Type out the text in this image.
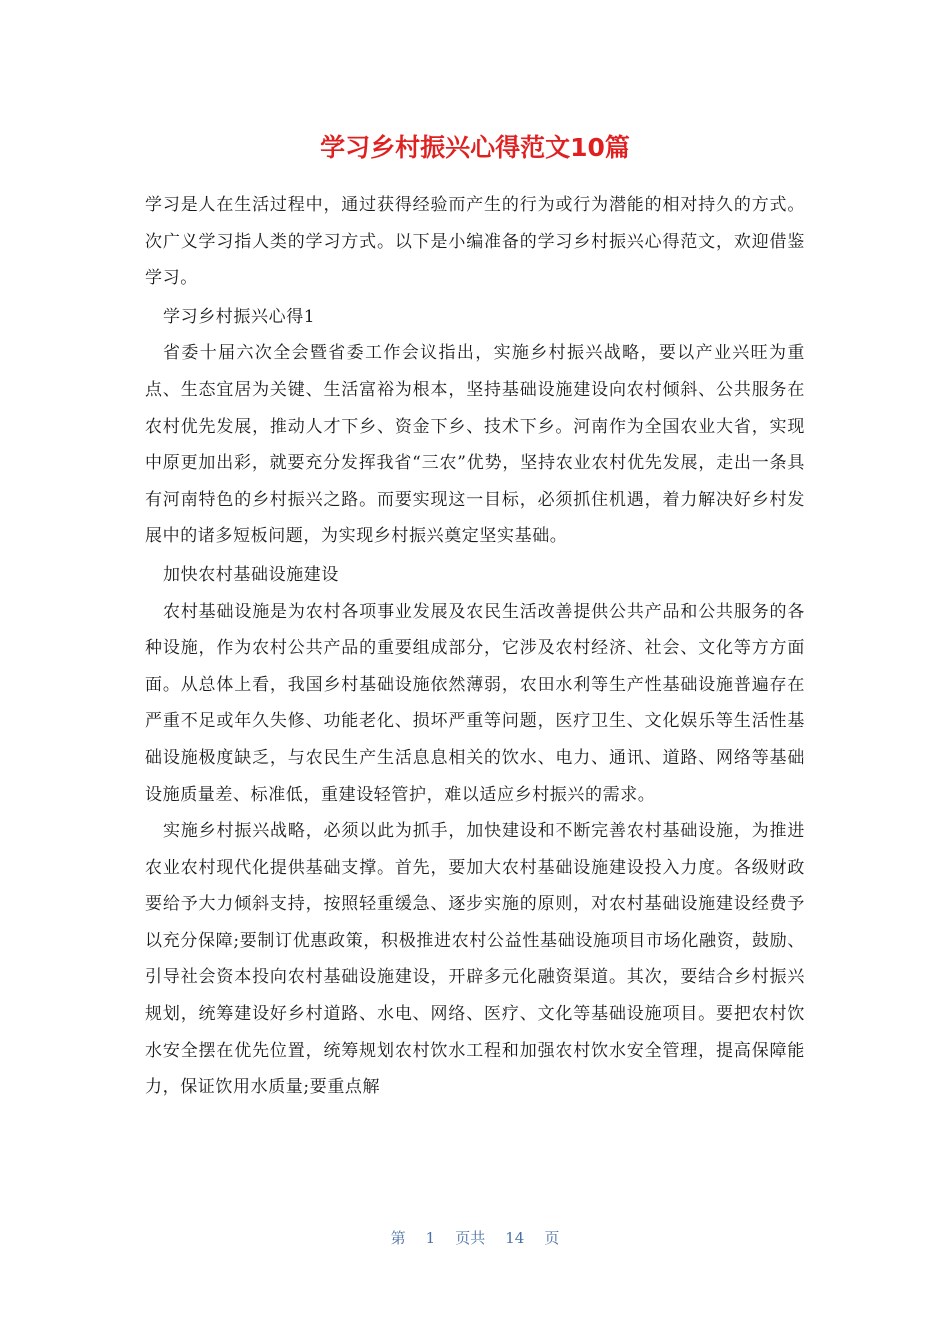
学习乡村振兴心得范文10篇

学习是人在生活过程中，通过获得经验而产生的行为或行为潜能的相对持久的方式。次广义学习指人类的学习方式。以下是小编准备的学习乡村振兴心得范文，欢迎借鉴学习。

学习乡村振兴心得1

省委十届六次全会暨省委工作会议指出，实施乡村振兴战略，要以产业兴旺为重点、生态宜居为关键、生活富裕为根本，坚持基础设施建设向农村倾斜、公共服务在农村优先发展，推动人才下乡、资金下乡、技术下乡。河南作为全国农业大省，实现中原更加出彩，就要充分发挥我省“三农”优势，坚持农业农村优先发展，走出一条具有河南特色的乡村振兴之路。而要实现这一目标，必须抓住机遇，着力解决好乡村发展中的诸多短板问题，为实现乡村振兴奠定坚实基础。

加快农村基础设施建设

农村基础设施是为农村各项事业发展及农民生活改善提供公共产品和公共服务的各种设施，作为农村公共产品的重要组成部分，它涉及农村经济、社会、文化等方方面面。从总体上看，我国乡村基础设施依然薄弱，农田水利等生产性基础设施普遍存在严重不足或年久失修、功能老化、损坏严重等问题，医疗卫生、文化娱乐等生活性基础设施极度缺乏，与农民生产生活息息相关的饮水、电力、通讯、道路、网络等基础设施质量差、标准低，重建设轻管护，难以适应乡村振兴的需求。

实施乡村振兴战略，必须以此为抓手，加快建设和不断完善农村基础设施，为推进农业农村现代化提供基础支撑。首先，要加大农村基础设施建设投入力度。各级财政要给予大力倾斜支持，按照轻重缓急、逐步实施的原则，对农村基础设施建设经费予以充分保障;要制订优惠政策，积极推进农村公益性基础设施项目市场化融资，鼓励、引导社会资本投向农村基础设施建设，开辟多元化融资渠道。其次，要结合乡村振兴规划，统筹建设好乡村道路、水电、网络、医疗、文化等基础设施项目。要把农村饮水安全摆在优先位置，统筹规划农村饮水工程和加强农村饮水安全管理，提高保障能力，保证饮用水质量;要重点解

第 1 页共 14 页
